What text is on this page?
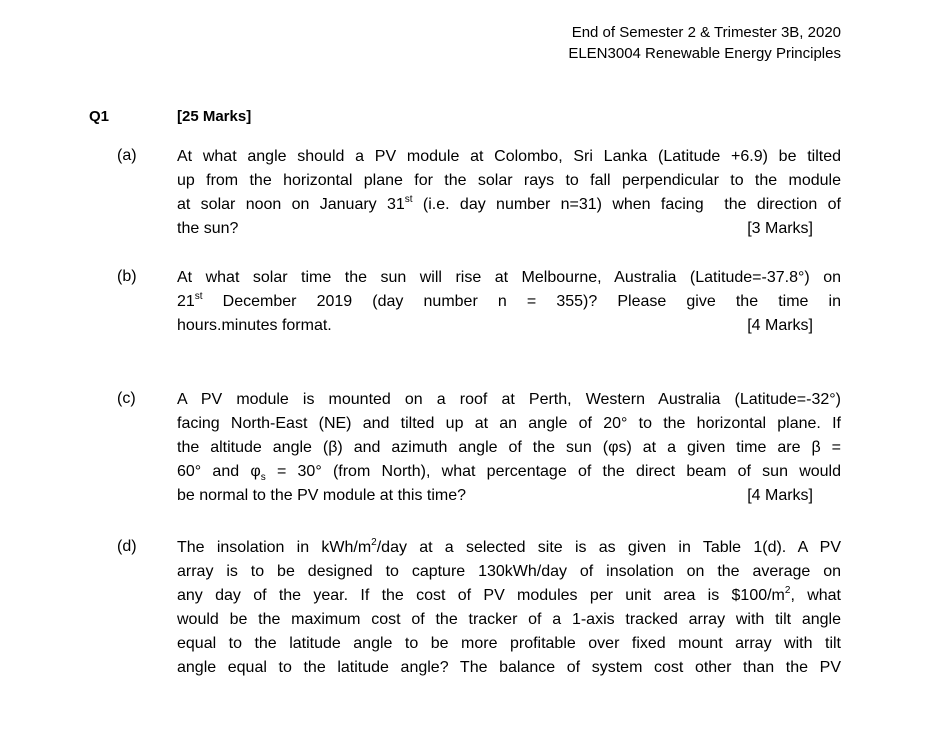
End of Semester 2 & Trimester 3B, 2020
ELEN3004 Renewable Energy Principles
Q1	[25 Marks]
(a)	At what angle should a PV module at Colombo, Sri Lanka (Latitude +6.9) be tilted
up from the horizontal plane for the solar rays to fall perpendicular to the module
at solar noon on January 31st (i.e. day number n=31) when facing  the direction of
the sun?	[3 Marks]
(b)	At what solar time the sun will rise at Melbourne, Australia (Latitude=-37.8°) on
21st December 2019 (day number n = 355)? Please give the time in
hours.minutes format.	[4 Marks]
(c)	A PV module is mounted on a roof at Perth, Western Australia (Latitude=-32°)
facing North-East (NE) and tilted up at an angle of 20° to the horizontal plane. If
the altitude angle (β) and azimuth angle of the sun (φs) at a given time are β =
60° and $\varphi_s = 30^\circ$ (from North), what percentage of the direct beam of sun would
be normal to the PV module at this time?	[4 Marks]
(d)	The insolation in kWh/$m^2$/day at a selected site is as given in Table 1(d). A PV
array is to be designed to capture 130kWh/day of insolation on the average on
any day of the year. If the cost of PV modules per unit area is $\$100/m^2$, what
would be the maximum cost of the tracker of a 1-axis tracked array with tilt angle
equal to the latitude angle to be more profitable over fixed mount array with tilt
angle equal to the latitude angle? The balance of system cost other than the PV
